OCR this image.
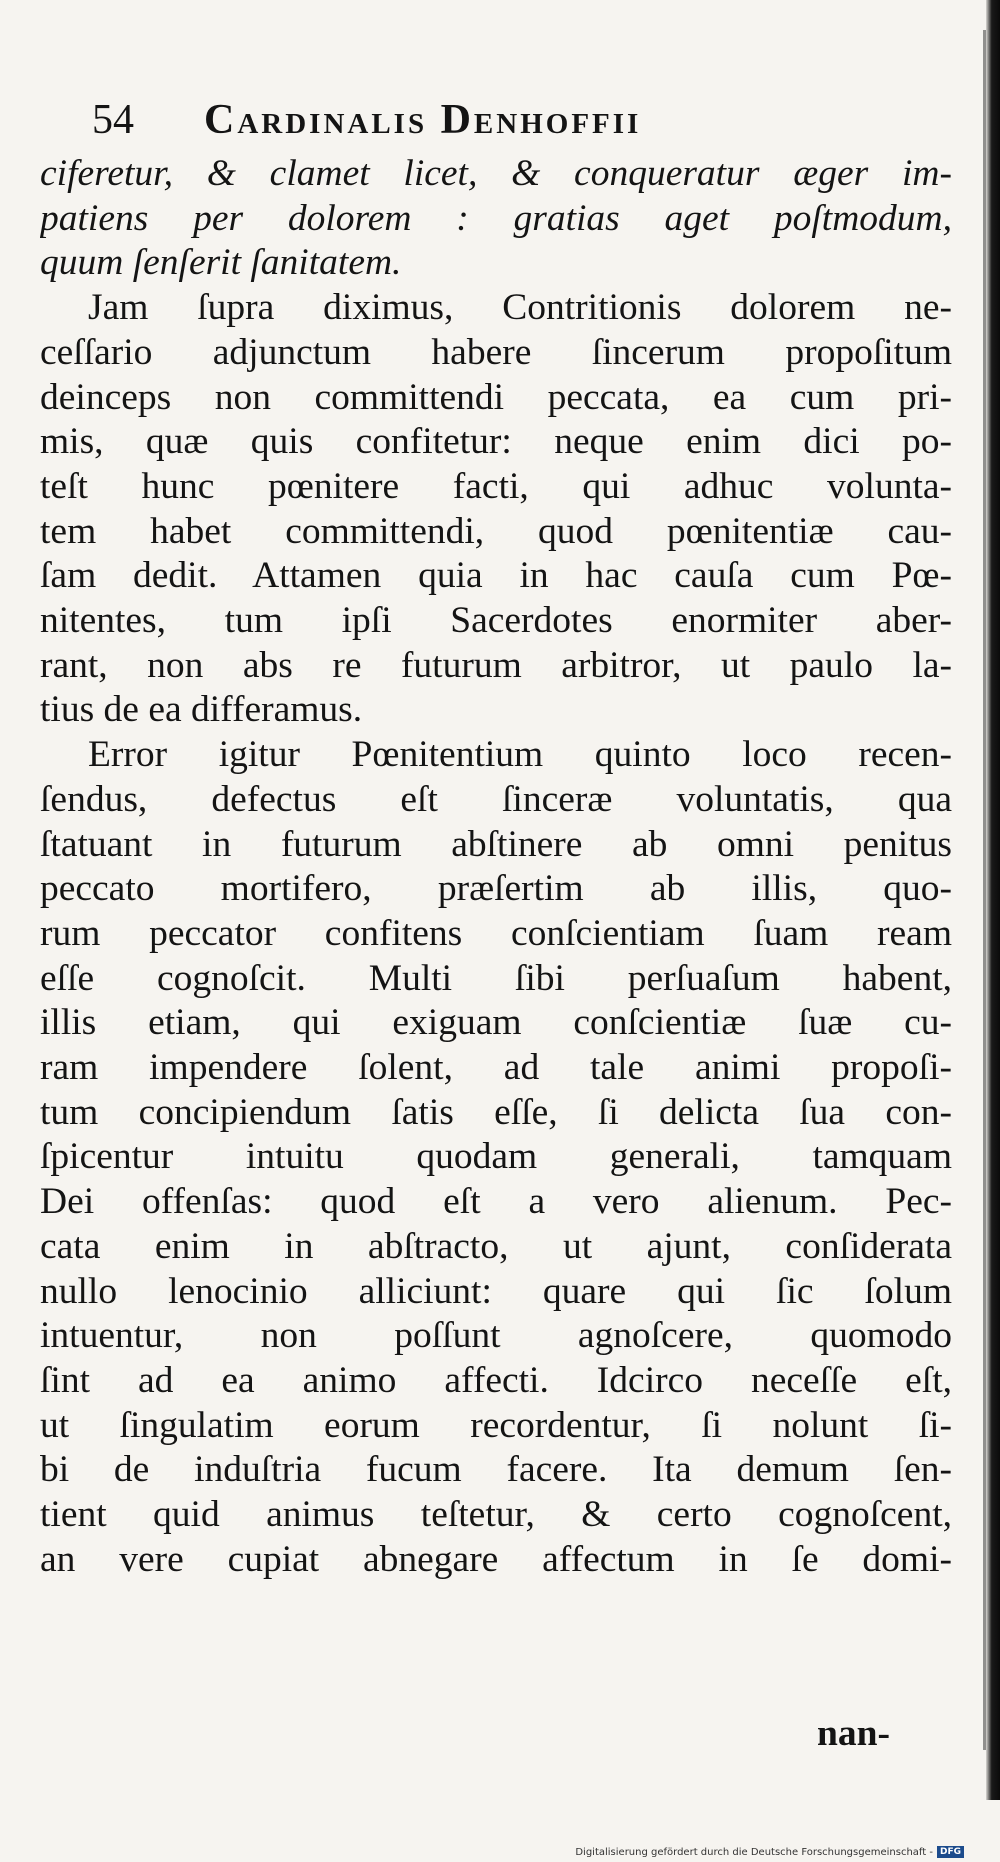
54 Cardinalis Denhoffii
ciferetur, & clamet licet, & conqueratur æger im-
patiens per dolorem : gratias aget poſtmodum,
quum ſenſerit ſanitatem.
Jam ſupra diximus, Contritionis dolorem ne-
ceſſario adjunctum habere ſincerum propoſitum
deinceps non committendi peccata, ea cum pri-
mis, quæ quis confitetur: neque enim dici po-
teſt hunc pœnitere facti, qui adhuc volunta-
tem habet committendi, quod pœnitentiæ cau-
ſam dedit. Attamen quia in hac cauſa cum Pœ-
nitentes, tum ipſi Sacerdotes enormiter aber-
rant, non abs re futurum arbitror, ut paulo la-
tius de ea differamus.
Error igitur Pœnitentium quinto loco recen-
ſendus, defectus eſt ſinceræ voluntatis, qua
ſtatuant in futurum abſtinere ab omni penitus
peccato mortifero, præſertim ab illis, quo-
rum peccator confitens conſcientiam ſuam ream
eſſe cognoſcit. Multi ſibi perſuaſum habent,
illis etiam, qui exiguam conſcientiæ ſuæ cu-
ram impendere ſolent, ad tale animi propoſi-
tum concipiendum ſatis eſſe, ſi delicta ſua con-
ſpicentur intuitu quodam generali, tamquam
Dei offenſas: quod eſt a vero alienum. Pec-
cata enim in abſtracto, ut ajunt, conſiderata
nullo lenocinio alliciunt: quare qui ſic ſolum
intuentur, non poſſunt agnoſcere, quomodo
ſint ad ea animo affecti. Idcirco neceſſe eſt,
ut ſingulatim eorum recordentur, ſi nolunt ſi-
bi de induſtria fucum facere. Ita demum ſen-
tient quid animus teſtetur, & certo cognoſcent,
an vere cupiat abnegare affectum in ſe domi-
nan-
Digitalisierung gefördert durch die Deutsche Forschungsgemeinschaft - DFG
